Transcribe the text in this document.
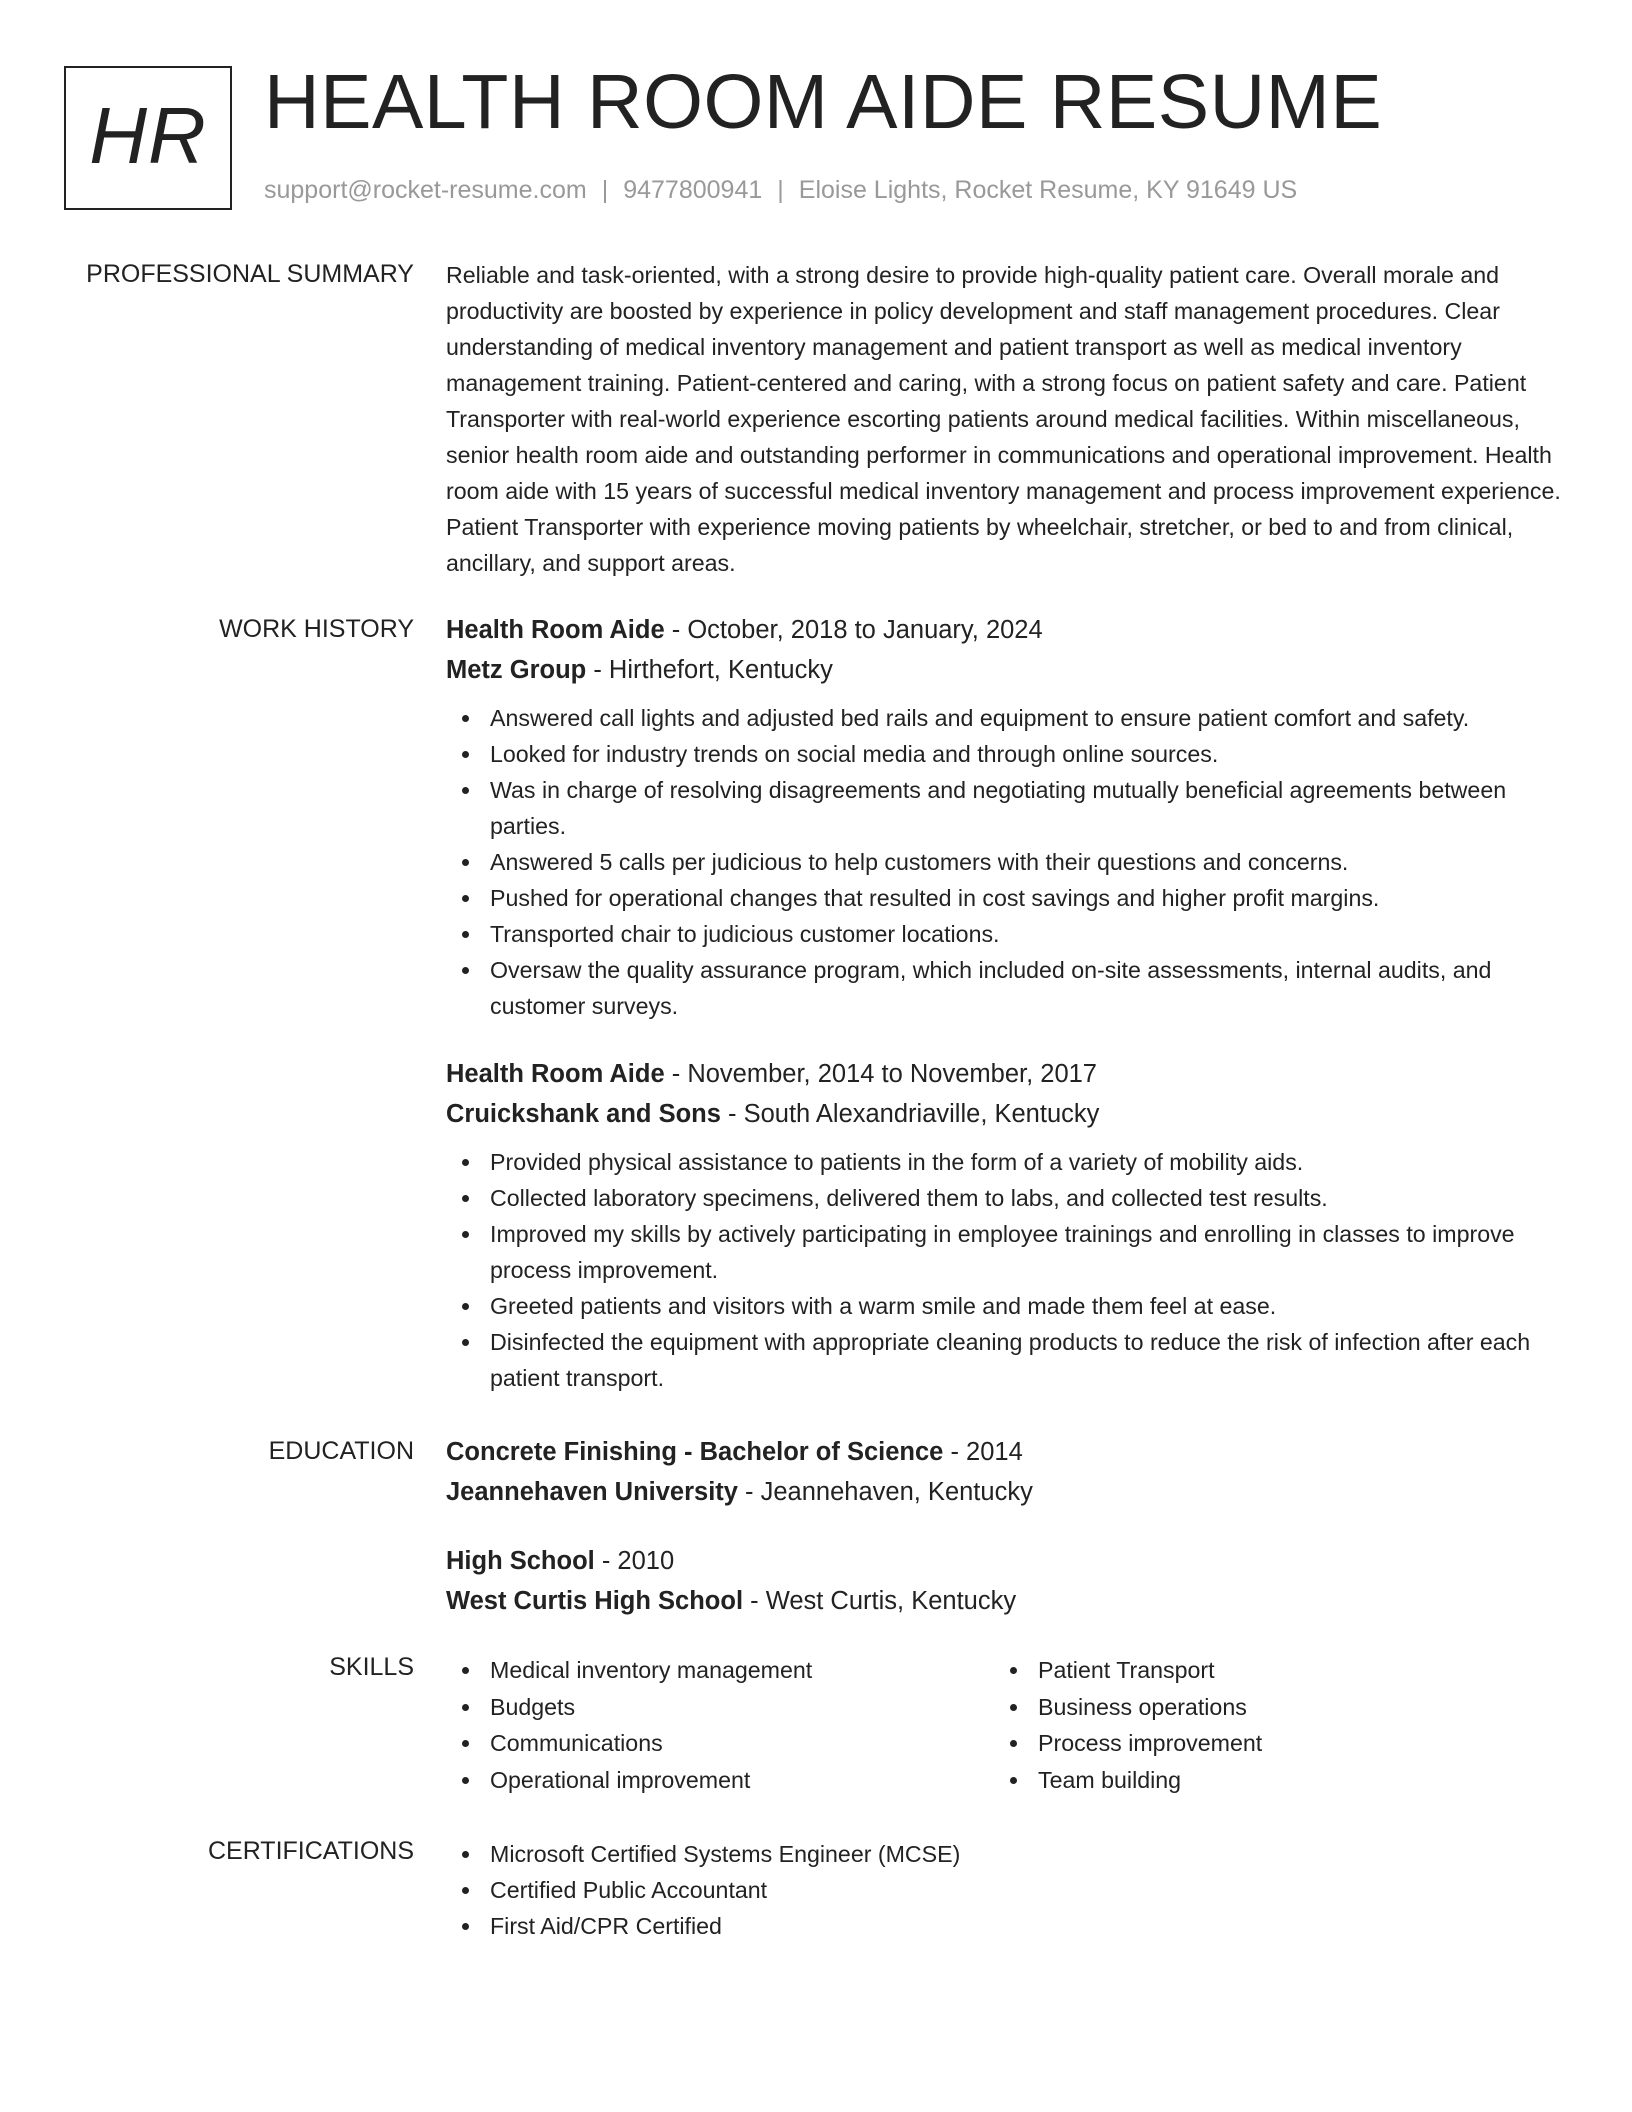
HR HEALTH ROOM AIDE RESUME
support@rocket-resume.com | 9477800941 | Eloise Lights, Rocket Resume, KY 91649 US
PROFESSIONAL SUMMARY Reliable and task-oriented, with a strong desire to provide high-quality patient care. Overall morale and productivity are boosted by experience in policy development and staff management procedures. Clear understanding of medical inventory management and patient transport as well as medical inventory management training. Patient-centered and caring, with a strong focus on patient safety and care. Patient Transporter with real-world experience escorting patients around medical facilities. Within miscellaneous, senior health room aide and outstanding performer in communications and operational improvement. Health room aide with 15 years of successful medical inventory management and process improvement experience. Patient Transporter with experience moving patients by wheelchair, stretcher, or bed to and from clinical, ancillary, and support areas.

WORK HISTORY Health Room Aide - October, 2018 to January, 2024
Metz Group - Hirthefort, Kentucky
Answered call lights and adjusted bed rails and equipment to ensure patient comfort and safety.
Looked for industry trends on social media and through online sources.
Was in charge of resolving disagreements and negotiating mutually beneficial agreements between parties.
Answered 5 calls per judicious to help customers with their questions and concerns.
Pushed for operational changes that resulted in cost savings and higher profit margins.
Transported chair to judicious customer locations.
Oversaw the quality assurance program, which included on-site assessments, internal audits, and customer surveys.
Health Room Aide - November, 2014 to November, 2017
Cruickshank and Sons - South Alexandriaville, Kentucky
Provided physical assistance to patients in the form of a variety of mobility aids.
Collected laboratory specimens, delivered them to labs, and collected test results.
Improved my skills by actively participating in employee trainings and enrolling in classes to improve process improvement.
Greeted patients and visitors with a warm smile and made them feel at ease.
Disinfected the equipment with appropriate cleaning products to reduce the risk of infection after each patient transport.
EDUCATION Concrete Finishing - Bachelor of Science - 2014
Jeannehaven University - Jeannehaven, Kentucky
High School - 2010
West Curtis High School - West Curtis, Kentucky
SKILLS	Medical inventory management
Budgets
Communications
Operational improvement
Patient Transport
Business operations
Process improvement
Team building
CERTIFICATIONS	Microsoft Certified Systems Engineer (MCSE)
Certified Public Accountant
First Aid/CPR Certified
